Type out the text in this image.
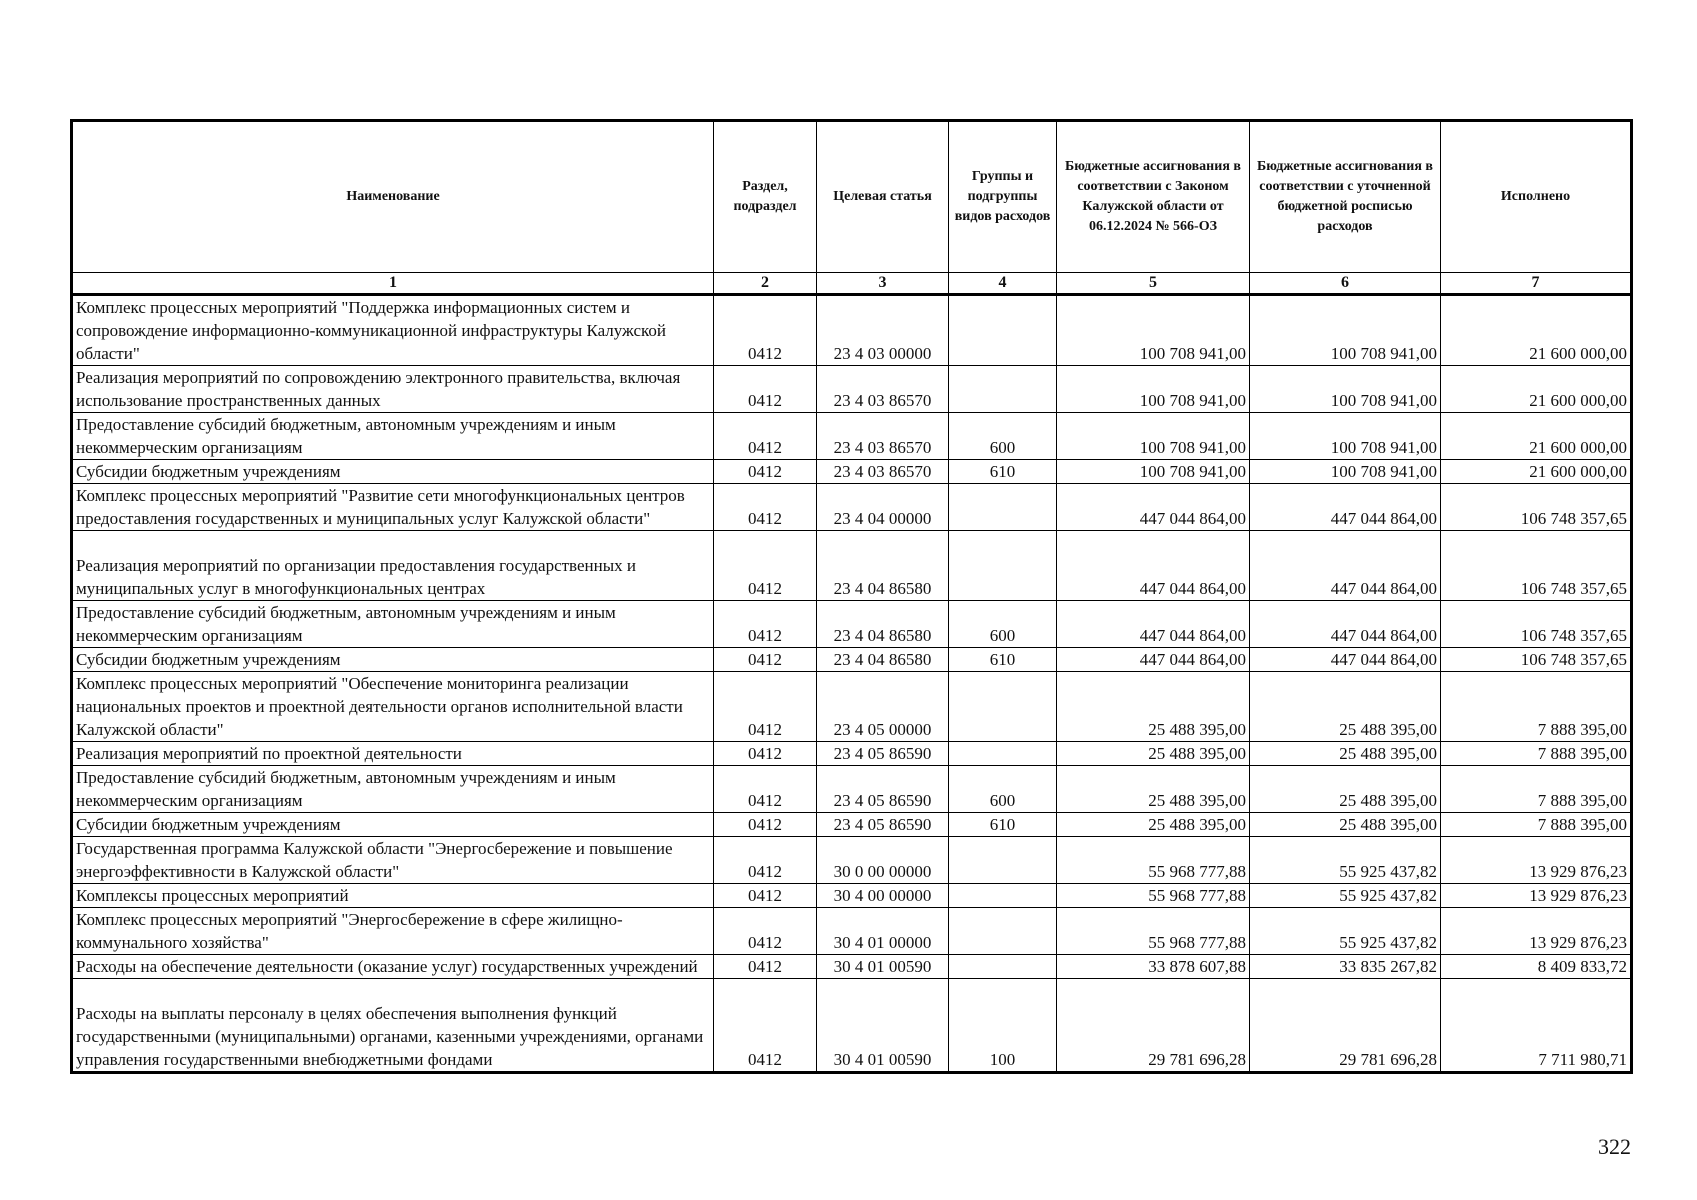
Наименование	Раздел, подраздел	Целевая статья	Группы и подгруппы видов расходов	Бюджетные ассигнования в соответствии с Законом Калужской области от 06.12.2024 № 566-ОЗ	Бюджетные ассигнования в соответствии с уточненной бюджетной росписью расходов	Исполнено
1	2	3	4	5	6	7
Комплекс процессных мероприятий "Поддержка информационных систем и сопровождение информационно-коммуникационной инфраструктуры Калужской области"	0412	23 4 03 00000		100 708 941,00	100 708 941,00	21 600 000,00
Реализация мероприятий по сопровождению электронного правительства, включая использование пространственных данных	0412	23 4 03 86570		100 708 941,00	100 708 941,00	21 600 000,00
Предоставление субсидий бюджетным, автономным учреждениям и иным некоммерческим организациям	0412	23 4 03 86570	600	100 708 941,00	100 708 941,00	21 600 000,00
Субсидии бюджетным учреждениям	0412	23 4 03 86570	610	100 708 941,00	100 708 941,00	21 600 000,00
Комплекс процессных мероприятий "Развитие сети многофункциональных центров предоставления государственных и муниципальных услуг Калужской области"	0412	23 4 04 00000		447 044 864,00	447 044 864,00	106 748 357,65
Реализация мероприятий по организации предоставления государственных и муниципальных услуг в многофункциональных центрах	0412	23 4 04 86580		447 044 864,00	447 044 864,00	106 748 357,65
Предоставление субсидий бюджетным, автономным учреждениям и иным некоммерческим организациям	0412	23 4 04 86580	600	447 044 864,00	447 044 864,00	106 748 357,65
Субсидии бюджетным учреждениям	0412	23 4 04 86580	610	447 044 864,00	447 044 864,00	106 748 357,65
Комплекс процессных мероприятий "Обеспечение мониторинга реализации национальных проектов и проектной деятельности органов исполнительной власти Калужской области"	0412	23 4 05 00000		25 488 395,00	25 488 395,00	7 888 395,00
Реализация мероприятий по проектной деятельности	0412	23 4 05 86590		25 488 395,00	25 488 395,00	7 888 395,00
Предоставление субсидий бюджетным, автономным учреждениям и иным некоммерческим организациям	0412	23 4 05 86590	600	25 488 395,00	25 488 395,00	7 888 395,00
Субсидии бюджетным учреждениям	0412	23 4 05 86590	610	25 488 395,00	25 488 395,00	7 888 395,00
Государственная программа Калужской области "Энергосбережение и повышение энергоэффективности в Калужской области"	0412	30 0 00 00000		55 968 777,88	55 925 437,82	13 929 876,23
Комплексы процессных мероприятий	0412	30 4 00 00000		55 968 777,88	55 925 437,82	13 929 876,23
Комплекс процессных мероприятий "Энергосбережение в сфере жилищно-коммунального хозяйства"	0412	30 4 01 00000		55 968 777,88	55 925 437,82	13 929 876,23
Расходы на обеспечение деятельности (оказание услуг) государственных учреждений	0412	30 4 01 00590		33 878 607,88	33 835 267,82	8 409 833,72
Расходы на выплаты персоналу в целях обеспечения выполнения функций государственными (муниципальными) органами, казенными учреждениями, органами управления государственными внебюджетными фондами	0412	30 4 01 00590	100	29 781 696,28	29 781 696,28	7 711 980,71
322
